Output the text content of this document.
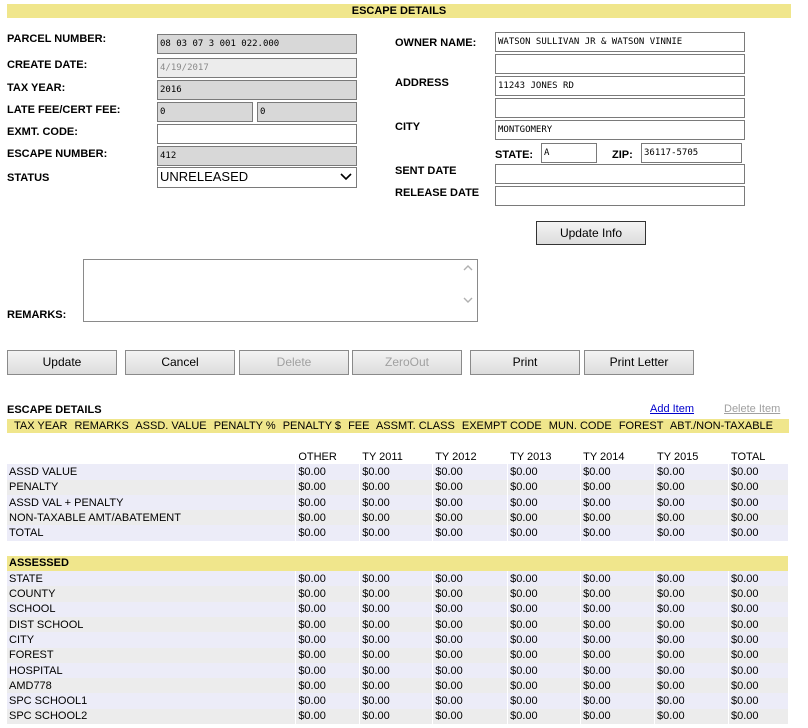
ESCAPE DETAILS
PARCEL NUMBER:	08 03 07 3 001 022.000
CREATE DATE:	4/19/2017
TAX YEAR:	2016
LATE FEE/CERT FEE:	0	0
EXMT. CODE:
ESCAPE NUMBER:	412
STATUS	UNRELEASED
OWNER NAME:	WATSON SULLIVAN JR & WATSON VINNIE
ADDRESS	11243 JONES RD
CITY	MONTGOMERY
STATE:	A	ZIP:	36117-5705
SENT DATE
RELEASE DATE
Update Info
REMARKS:
Update	Cancel	Delete	ZeroOut	Print	Print Letter
ESCAPE DETAILS	Add Item	Delete Item
TAX YEAR REMARKS ASSD. VALUE PENALTY % PENALTY $ FEE ASSMT. CLASS EXEMPT CODE MUN. CODE FOREST ABT./NON-TAXABLE
	OTHER	TY 2011	TY 2012	TY 2013	TY 2014	TY 2015	TOTAL
ASSD VALUE	$0.00	$0.00	$0.00	$0.00	$0.00	$0.00	$0.00
PENALTY	$0.00	$0.00	$0.00	$0.00	$0.00	$0.00	$0.00
ASSD VAL + PENALTY	$0.00	$0.00	$0.00	$0.00	$0.00	$0.00	$0.00
NON-TAXABLE AMT/ABATEMENT	$0.00	$0.00	$0.00	$0.00	$0.00	$0.00	$0.00
TOTAL	$0.00	$0.00	$0.00	$0.00	$0.00	$0.00	$0.00

ASSESSED							
STATE	$0.00	$0.00	$0.00	$0.00	$0.00	$0.00	$0.00
COUNTY	$0.00	$0.00	$0.00	$0.00	$0.00	$0.00	$0.00
SCHOOL	$0.00	$0.00	$0.00	$0.00	$0.00	$0.00	$0.00
DIST SCHOOL	$0.00	$0.00	$0.00	$0.00	$0.00	$0.00	$0.00
CITY	$0.00	$0.00	$0.00	$0.00	$0.00	$0.00	$0.00
FOREST	$0.00	$0.00	$0.00	$0.00	$0.00	$0.00	$0.00
HOSPITAL	$0.00	$0.00	$0.00	$0.00	$0.00	$0.00	$0.00
AMD778	$0.00	$0.00	$0.00	$0.00	$0.00	$0.00	$0.00
SPC SCHOOL1	$0.00	$0.00	$0.00	$0.00	$0.00	$0.00	$0.00
SPC SCHOOL2	$0.00	$0.00	$0.00	$0.00	$0.00	$0.00	$0.00
